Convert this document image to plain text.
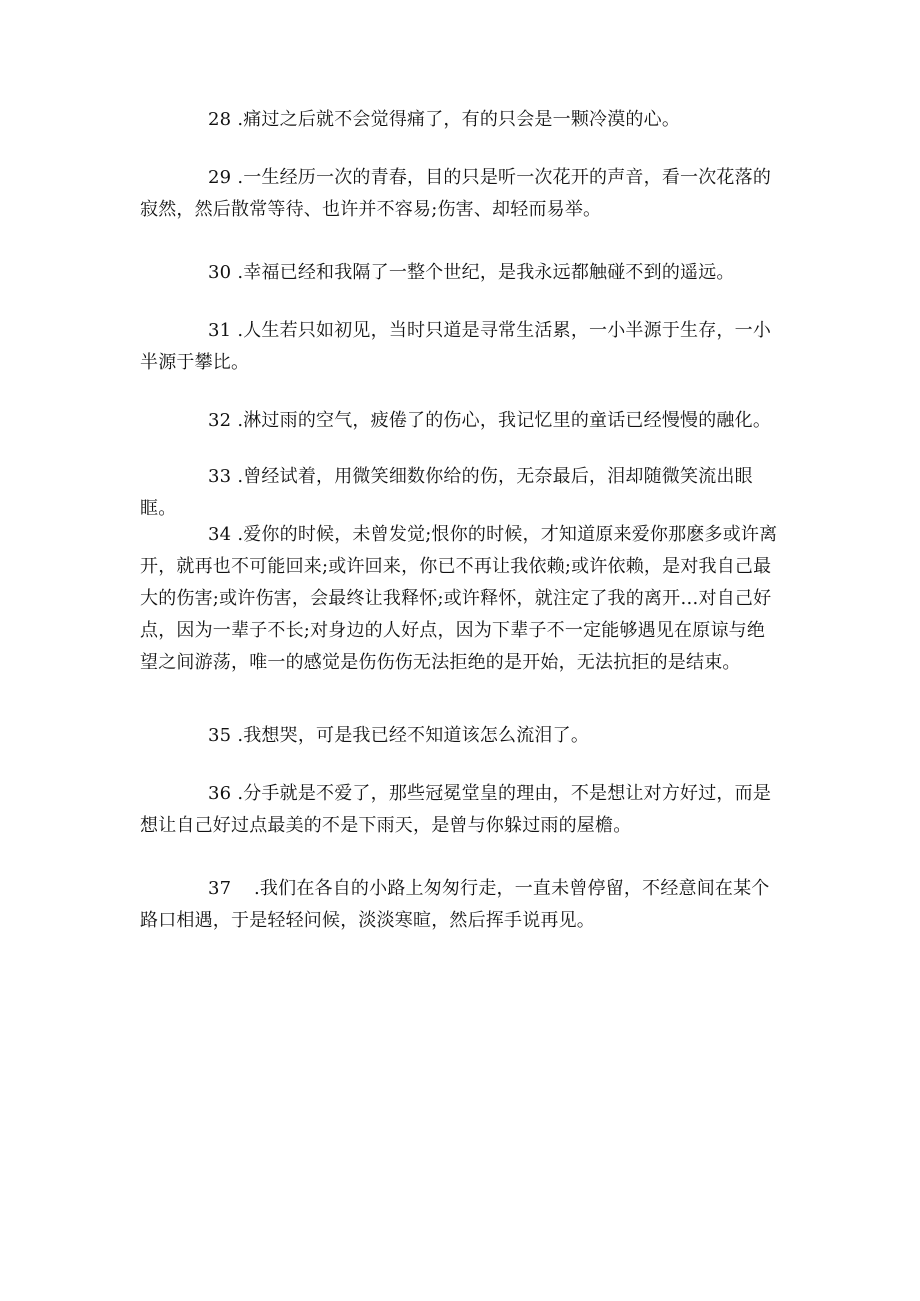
28 .痛过之后就不会觉得痛了，有的只会是一颗冷漠的心。

29 .一生经历一次的青春，目的只是听一次花开的声音，看一次花落的寂然，然后散常等待、也许并不容易;伤害、却轻而易举。

30 .幸福已经和我隔了一整个世纪，是我永远都触碰不到的遥远。

31 .人生若只如初见，当时只道是寻常生活累，一小半源于生存，一小半源于攀比。

32 .淋过雨的空气，疲倦了的伤心，我记忆里的童话已经慢慢的融化。

33 .曾经试着，用微笑细数你给的伤，无奈最后，泪却随微笑流出眼眶。

34 .爱你的时候，未曾发觉;恨你的时候，才知道原来爱你那麽多或许离开，就再也不可能回来;或许回来，你已不再让我依赖;或许依赖，是对我自己最大的伤害;或许伤害，会最终让我释怀;或许释怀，就注定了我的离开…对自己好点，因为一辈子不长;对身边的人好点，因为下辈子不一定能够遇见在原谅与绝望之间游荡，唯一的感觉是伤伤伤无法拒绝的是开始，无法抗拒的是结束。

35 .我想哭，可是我已经不知道该怎么流泪了。

36 .分手就是不爱了，那些冠冕堂皇的理由，不是想让对方好过，而是想让自己好过点最美的不是下雨天，是曾与你躲过雨的屋檐。

37 .我们在各自的小路上匆匆行走，一直未曾停留，不经意间在某个路口相遇，于是轻轻问候，淡淡寒暄，然后挥手说再见。
